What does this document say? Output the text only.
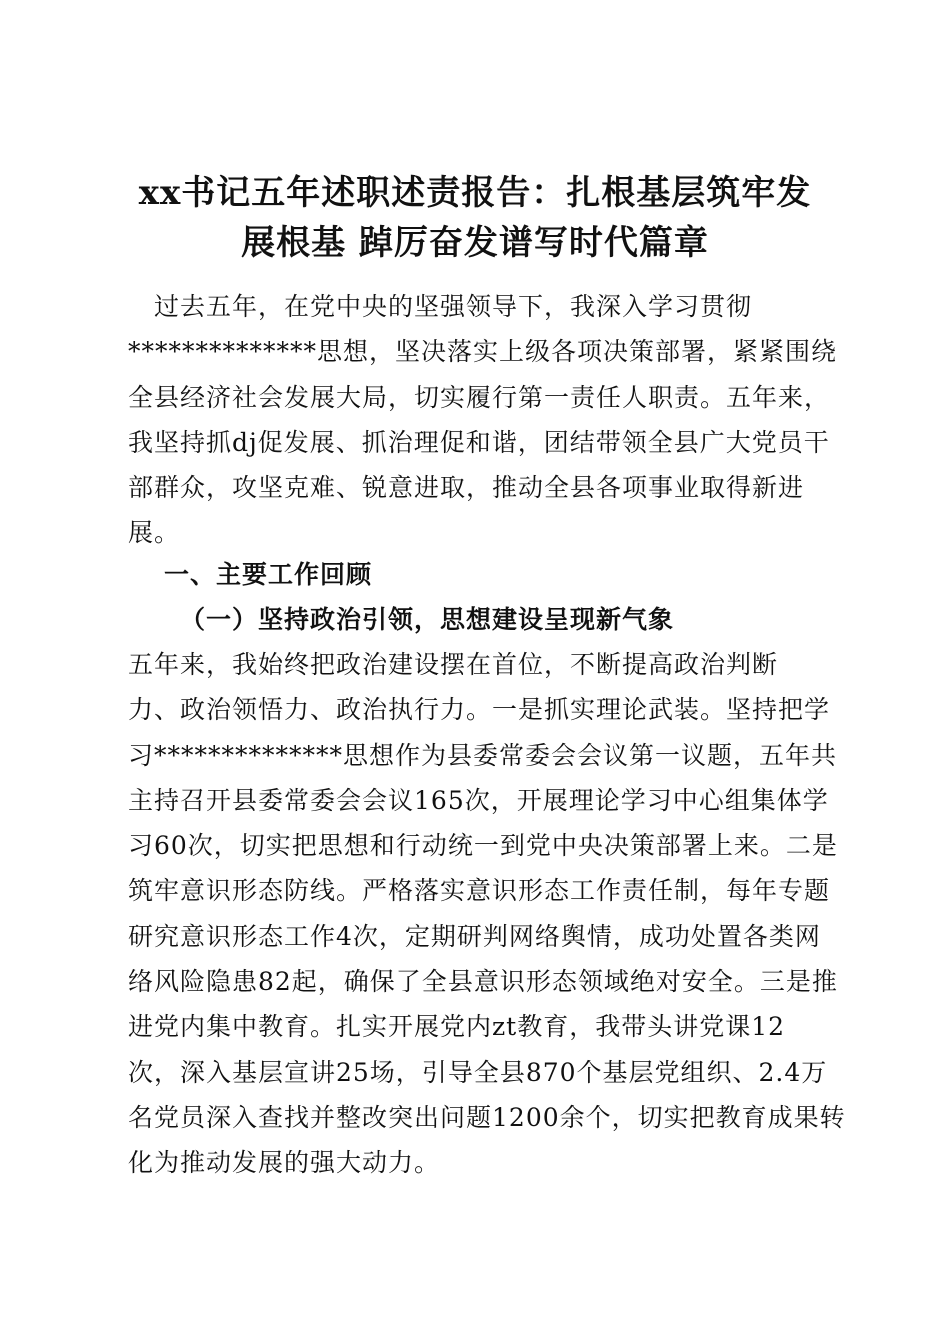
xx书记五年述职述责报告：扎根基层筑牢发
展根基 踔厉奋发谱写时代篇章

　过去五年，在党中央的坚强领导下，我深入学习贯彻
**************思想，坚决落实上级各项决策部署，紧紧围绕
全县经济社会发展大局，切实履行第一责任人职责。五年来，
我坚持抓dj促发展、抓治理促和谐，团结带领全县广大党员干
部群众，攻坚克难、锐意进取，推动全县各项事业取得新进
展。

一、主要工作回顾
（一）坚持政治引领，思想建设呈现新气象

五年来，我始终把政治建设摆在首位，不断提高政治判断
力、政治领悟力、政治执行力。一是抓实理论武装。坚持把学
习**************思想作为县委常委会会议第一议题，五年共
主持召开县委常委会会议165次，开展理论学习中心组集体学
习60次，切实把思想和行动统一到党中央决策部署上来。二是
筑牢意识形态防线。严格落实意识形态工作责任制，每年专题
研究意识形态工作4次，定期研判网络舆情，成功处置各类网
络风险隐患82起，确保了全县意识形态领域绝对安全。三是推
进党内集中教育。扎实开展党内zt教育，我带头讲党课12
次，深入基层宣讲25场，引导全县870个基层党组织、2.4万
名党员深入查找并整改突出问题1200余个，切实把教育成果转
化为推动发展的强大动力。
